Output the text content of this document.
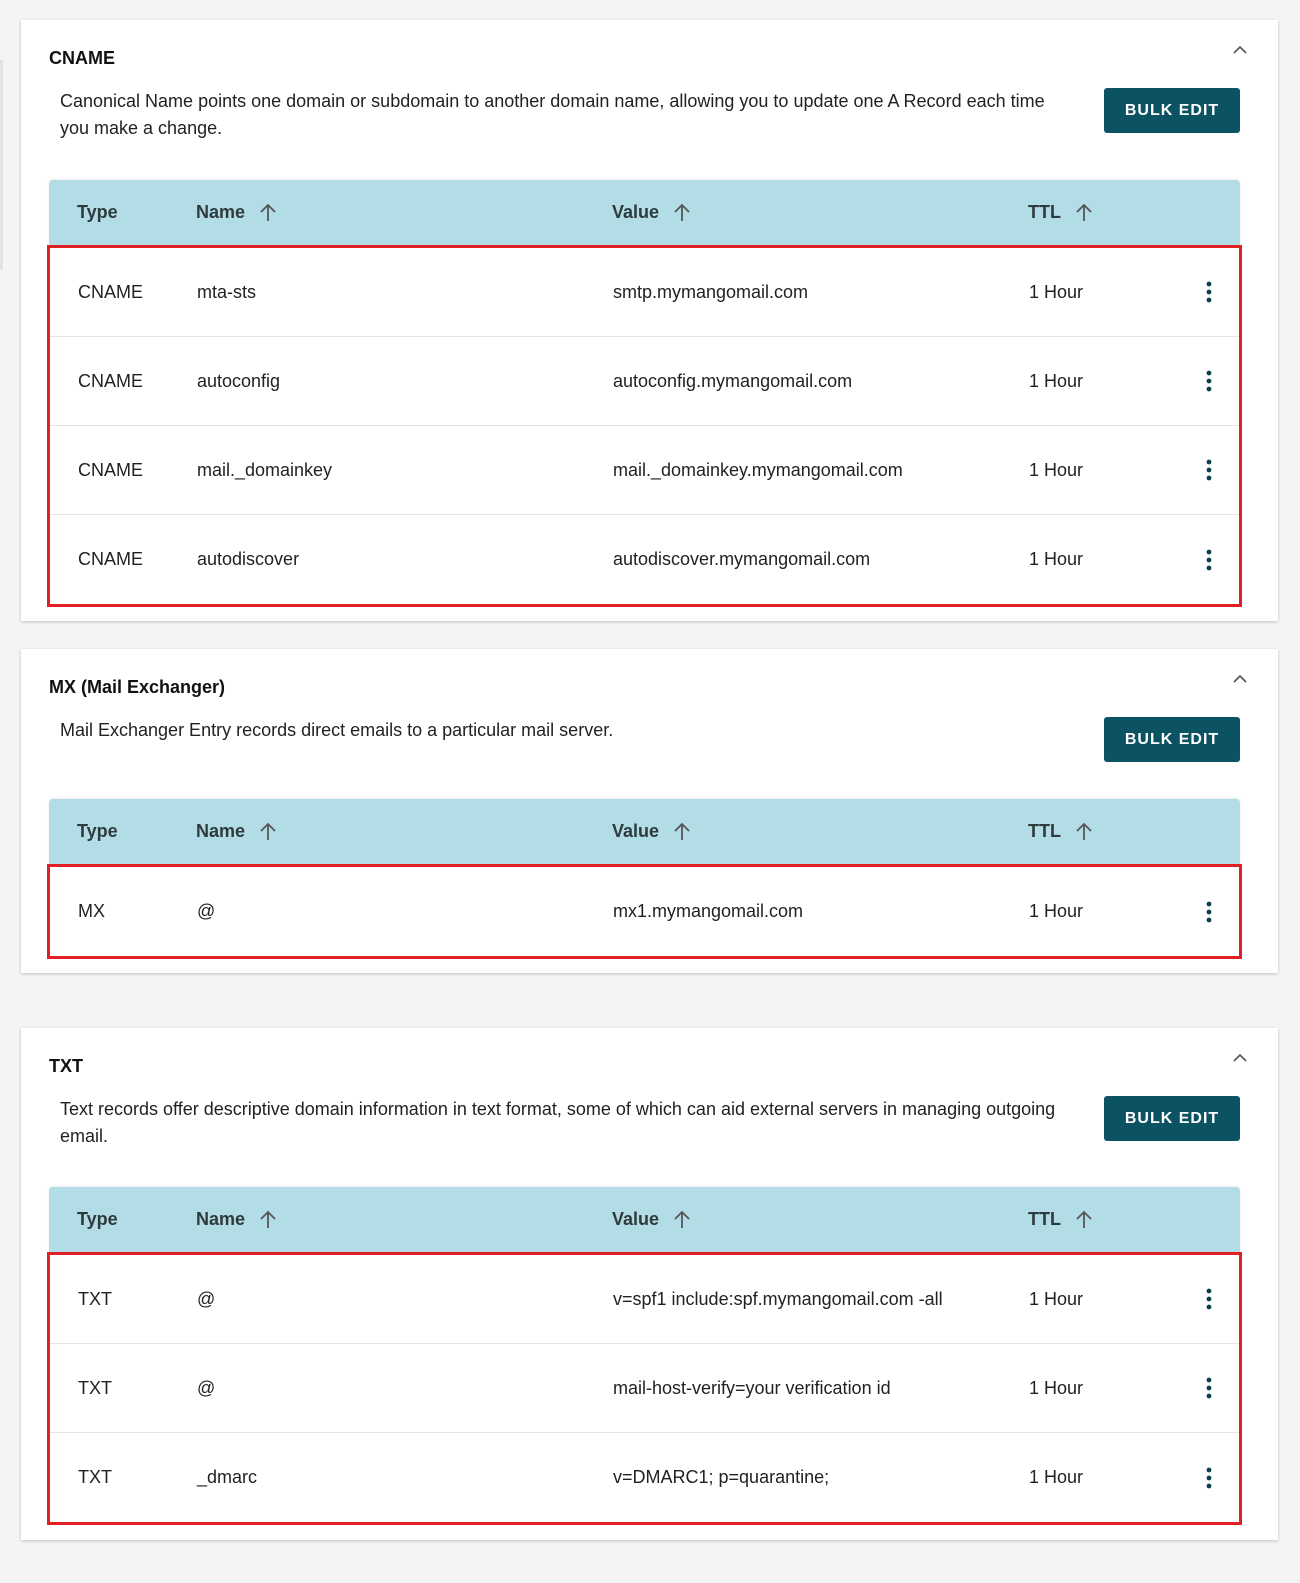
CNAME

Canonical Name points one domain or subdomain to another domain name, allowing you to update one A Record each time you make a change.

BULK EDIT
Type	Name	Value	TTL
CNAME	mta-sts	smtp.mymangomail.com	1 Hour
CNAME	autoconfig	autoconfig.mymangomail.com	1 Hour
CNAME	mail._domainkey	mail._domainkey.mymangomail.com	1 Hour
CNAME	autodiscover	autodiscover.mymangomail.com	1 Hour
MX (Mail Exchanger)

Mail Exchanger Entry records direct emails to a particular mail server.	BULK EDIT
Type	Name	Value	TTL
MX	@	mx1.mymangomail.com	1 Hour
TXT

Text records offer descriptive domain information in text format, some of which can aid external servers in managing outgoing email.

BULK EDIT
Type	Name	Value	TTL
TXT	@	v=spf1 include:spf.mymangomail.com -all	1 Hour
TXT	@	mail-host-verify=your verification id	1 Hour
TXT	_dmarc	v=DMARC1; p=quarantine;	1 Hour
